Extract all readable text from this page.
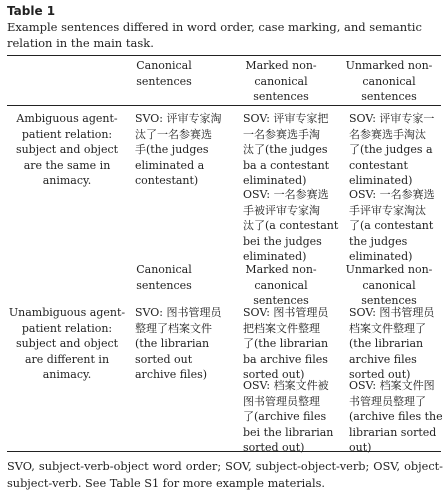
Table 1
Example sentences differed in word order, case marking, and semantic relation in the main task.
Canonical
sentences
Marked non-
canonical
sentences
Unmarked non-
canonical
sentences
Ambiguous agent-
patient relation:
subject and object
are the same in
animacy.
SVO: 评审专家淘
汰了一名参赛选
手(the judges
eliminated a
contestant)
SOV: 评审专家把
一名参赛选手淘
汰了(the judges
ba a contestant
eliminated)
OSV: 一名参赛选
手被评审专家淘
汰了(a contestant
bei the judges
eliminated)
SOV: 评审专家一
名参赛选手淘汰
了(the judges a
contestant
eliminated)
OSV: 一名参赛选
手评审专家淘汰
了(a contestant
the judges
eliminated)
Canonical
sentences
Marked non-
canonical
sentences
Unmarked non-
canonical
sentences
Unambiguous agent-
patient relation:
subject and object
are different in
animacy.
SVO: 图书管理员
整理了档案文件
(the librarian
sorted out
archive files)
SOV: 图书管理员
把档案文件整理
了(the librarian
ba archive files
sorted out)
OSV: 档案文件被
图书管理员整理
了(archive files
bei the librarian
sorted out)
SOV: 图书管理员
档案文件整理了
(the librarian
archive files
sorted out)
OSV: 档案文件图
书管理员整理了
(archive files the
librarian sorted
out)
SVO, subject-verb-object word order; SOV, subject-object-verb; OSV, object-subject-verb. See Table S1 for more example materials.
